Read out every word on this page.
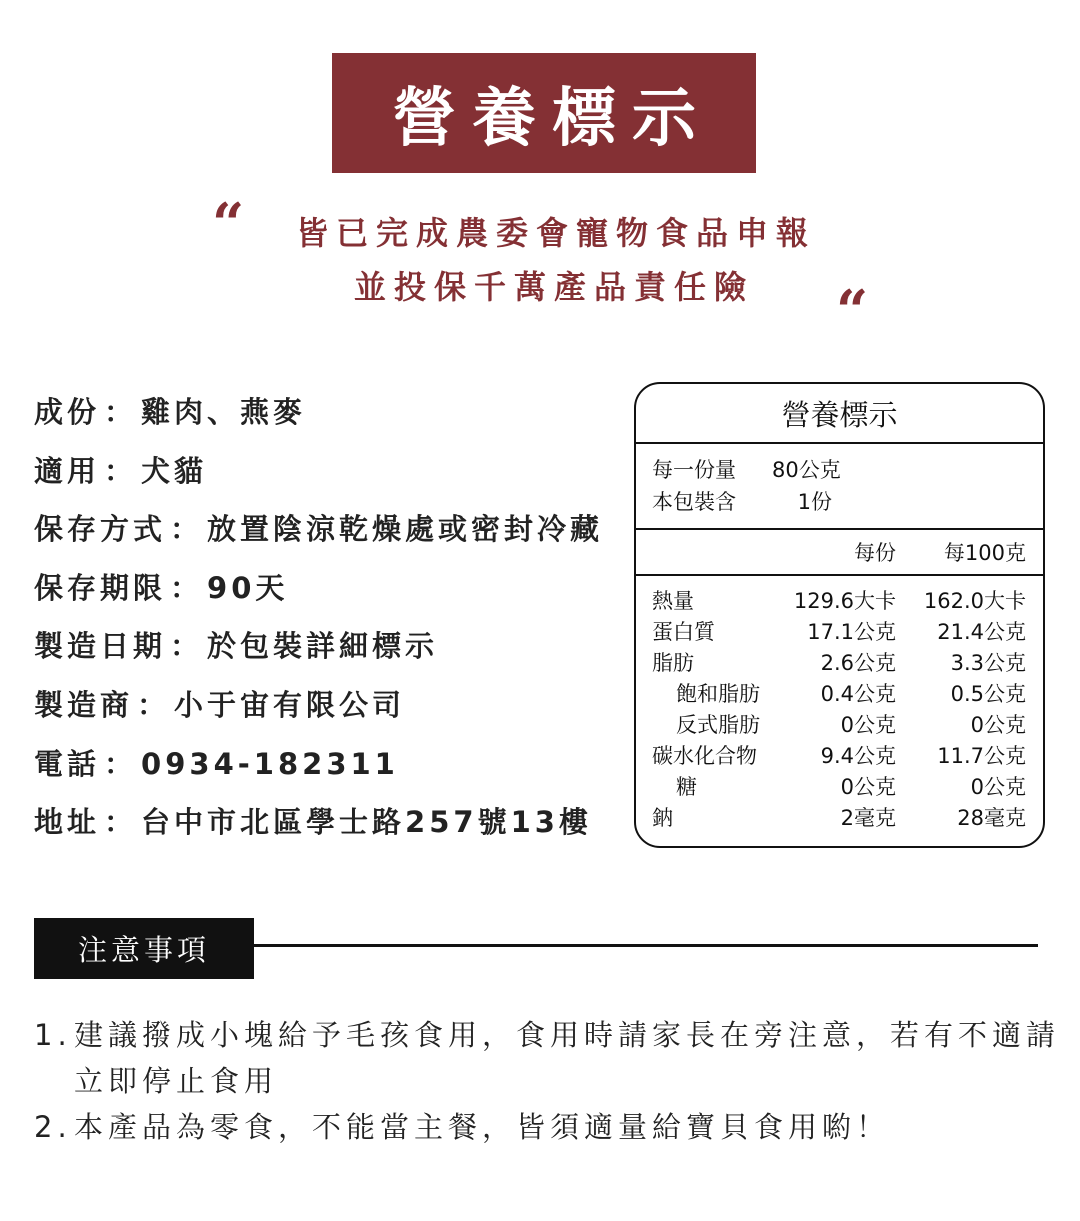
營養標示
“	皆已完成農委會寵物食品申報
並投保千萬產品責任險	“
成份 ： 雞肉、燕麥
適用 ： 犬貓
保存方式 ： 放置陰涼乾燥處或密封冷藏
保存期限 ： 90天
製造日期 ： 於包裝詳細標示
製造商 ： 小于宙有限公司
電話 ： 0934-182311
地址 ： 台中市北區學士路257號13樓
營養標示
每一份量	80公克
本包裝含	1份
每份	每100克
熱量	129.6大卡	162.0大卡
蛋白質	17.1公克	21.4公克
脂肪	2.6公克	3.3公克
飽和脂肪	0.4公克	0.5公克
反式脂肪	0公克	0公克
碳水化合物	9.4公克	11.7公克
糖	0公克	0公克
鈉	2毫克	28毫克
注意事項
1. 建議撥成小塊給予毛孩食用，食用時請家長在旁注意，若有不適請立即停止食用
2. 本產品為零食，不能當主餐，皆須適量給寶貝食用喲！
